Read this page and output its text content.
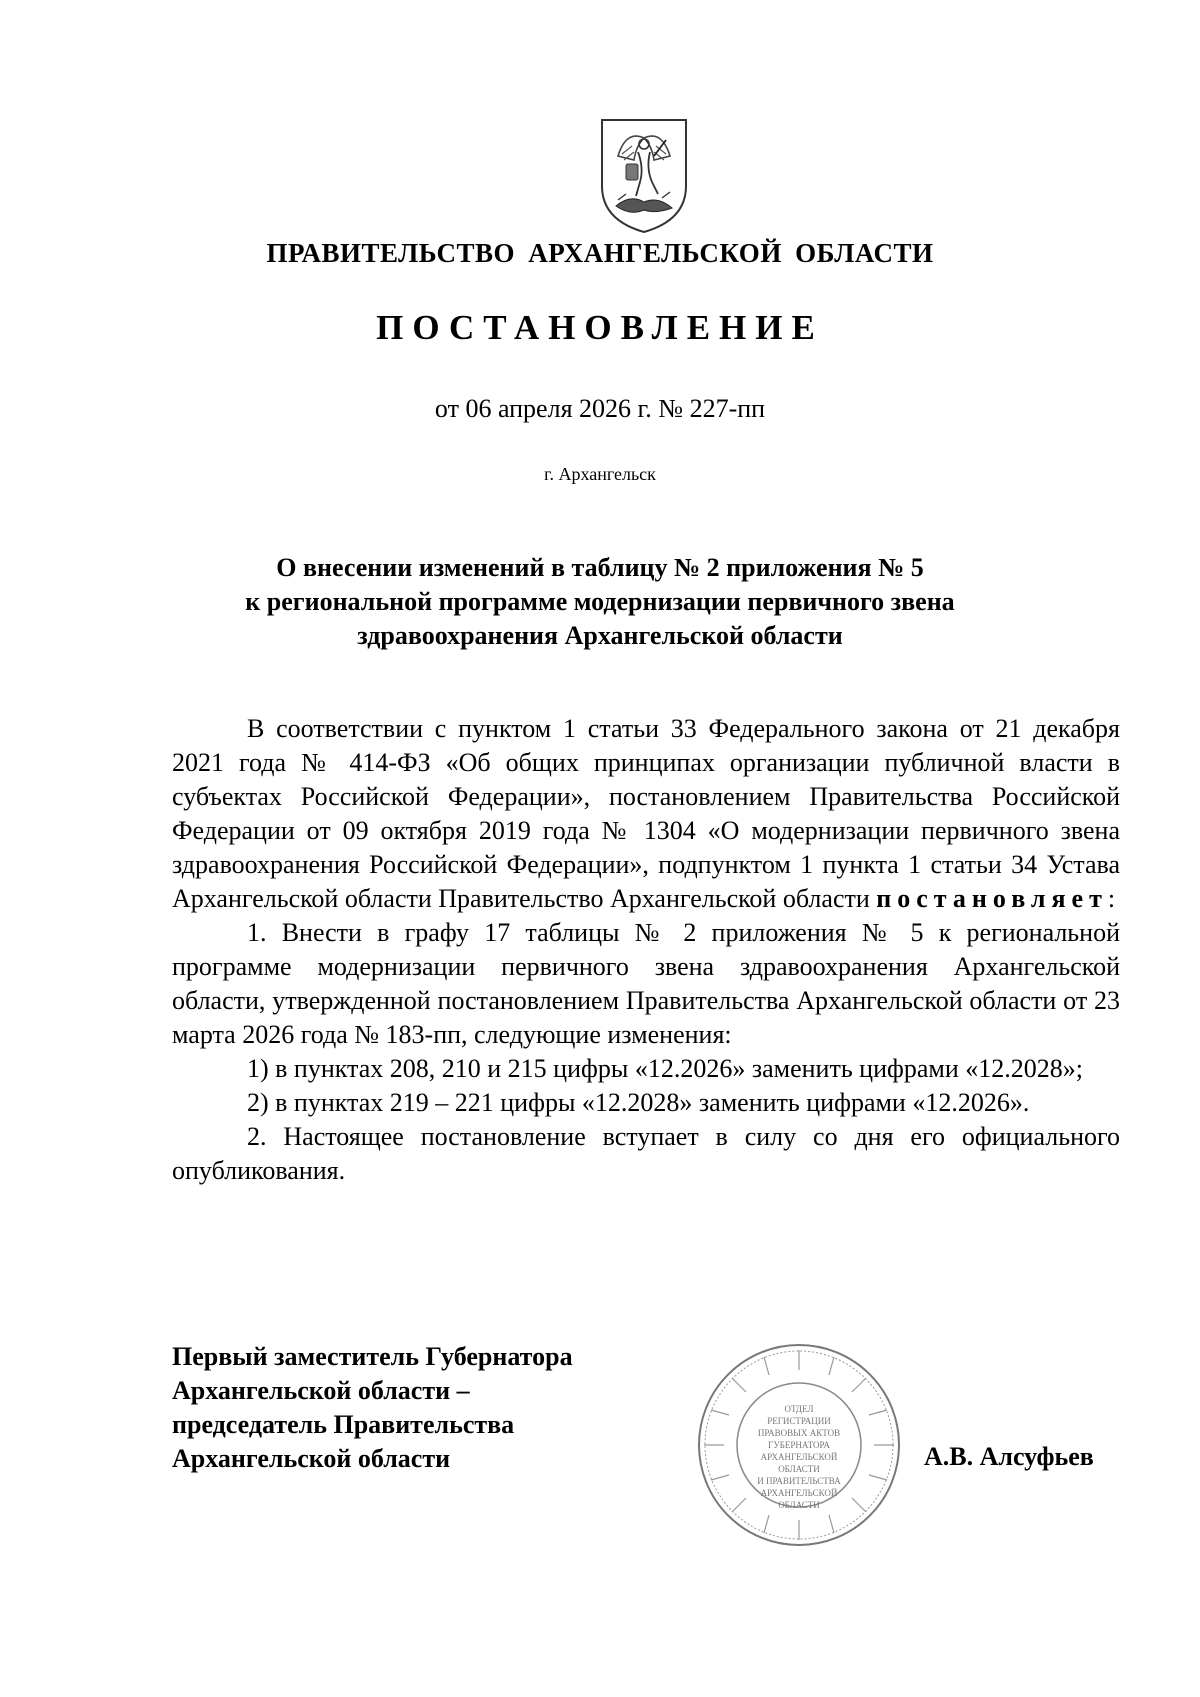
ПРАВИТЕЛЬСТВО АРХАНГЕЛЬСКОЙ ОБЛАСТИ
ПОСТАНОВЛЕНИЕ
от 06 апреля 2026 г. № 227-пп
г. Архангельск
О внесении изменений в таблицу № 2 приложения № 5
к региональной программе модернизации первичного звена
здравоохранения Архангельской области

В соответствии с пунктом 1 статьи 33 Федерального закона от 21 декабря 2021 года № 414-ФЗ «Об общих принципах организации публичной власти в субъектах Российской Федерации», постановлением Правительства Российской Федерации от 09 октября 2019 года № 1304 «О модернизации первичного звена здравоохранения Российской Федерации», подпунктом 1 пункта 1 статьи 34 Устава Архангельской области Правительство Архангельской области постановляет:

1. Внести в графу 17 таблицы № 2 приложения № 5 к региональной программе модернизации первичного звена здравоохранения Архангельской области, утвержденной постановлением Правительства Архангельской области от 23 марта 2026 года № 183-пп, следующие изменения:

1) в пунктах 208, 210 и 215 цифры «12.2026» заменить цифрами «12.2028»;

2) в пунктах 219 – 221 цифры «12.2028» заменить цифрами «12.2026».

2. Настоящее постановление вступает в силу со дня его официального опубликования.

Первый заместитель Губернатора
Архангельской области –
председатель Правительства
Архангельской области
ОТДЕЛ
РЕГИСТРАЦИИ
ПРАВОВЫХ АКТОВ
ГУБЕРНАТОРА
АРХАНГЕЛЬСКОЙ
ОБЛАСТИ
И ПРАВИТЕЛЬСТВА
АРХАНГЕЛЬСКОЙ
ОБЛАСТИ
А.В. Алсуфьев
